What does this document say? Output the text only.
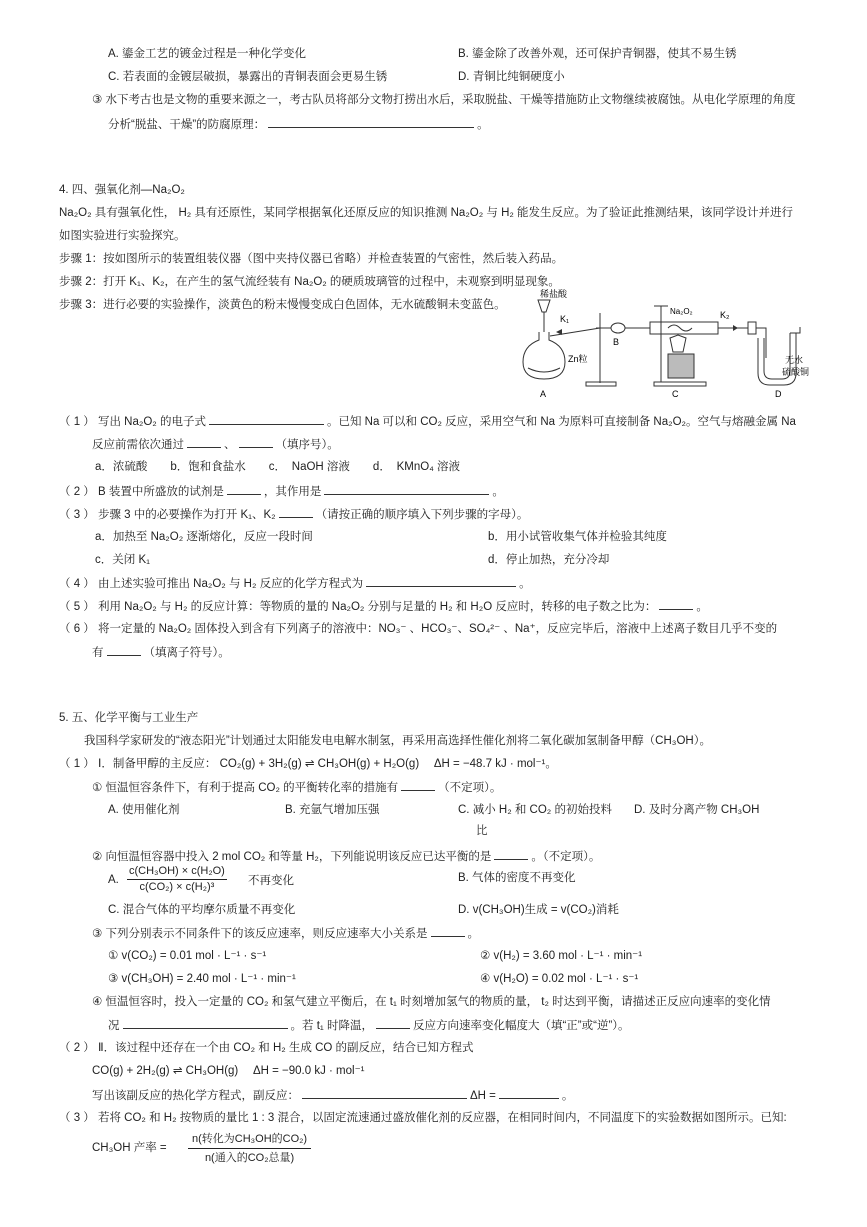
A. 鎏金工艺的镀金过程是一种化学变化	B. 鎏金除了改善外观，还可保护青铜器，使其不易生锈
C. 若表面的金镀层破损，暴露出的青铜表面会更易生锈	D. 青铜比纯铜硬度小
③ 水下考古也是文物的重要来源之一，考古队员将部分文物打捞出水后，采取脱盐、干燥等措施防止文物继续被腐蚀。从电化学原理的角度
分析“脱盐、干燥”的防腐原理：	。
4. 四、强氧化剂—Na₂O₂
Na₂O₂ 具有强氧化性， H₂ 具有还原性，某同学根据氧化还原反应的知识推测 Na₂O₂ 与 H₂ 能发生反应。为了验证此推测结果，该同学设计并进行
如图实验进行实验探究。
步骤 1：按如图所示的装置组装仪器（图中夹持仪器已省略）并检查装置的气密性，然后装入药品。
步骤 2：打开 K₁、K₂，在产生的氢气流经装有 Na₂O₂ 的硬质玻璃管的过程中，未观察到明显现象。
步骤 3：进行必要的实验操作，淡黄色的粉末慢慢变成白色固体，无水硫酸铜未变蓝色。
稀盐酸
K₁	K₂
Zn粒
Na₂O₂
无水
硫酸铜
A
B
C	D
（ 1 ） 写出 Na₂O₂ 的电子式	。已知 Na 可以和 CO₂ 反应，采用空气和 Na 为原料可直接制备 Na₂O₂。空气与熔融金属 Na
反应前需依次通过	、	（填序号）。
a．浓硫酸　　b．饱和食盐水　　c．　NaOH 溶液　　d．　KMnO₄ 溶液
（ 2 ） B 装置中所盛放的试剂是	，其作用是	。
（ 3 ） 步骤 3 中的必要操作为打开 K₁、K₂	（请按正确的顺序填入下列步骤的字母）。
a．加热至 Na₂O₂ 逐渐熔化，反应一段时间	b．用小试管收集气体并检验其纯度
c．关闭 K₁	d．停止加热，充分冷却
（ 4 ） 由上述实验可推出 Na₂O₂ 与 H₂ 反应的化学方程式为	。
（ 5 ） 利用 Na₂O₂ 与 H₂ 的反应计算：等物质的量的 Na₂O₂ 分别与足量的 H₂ 和 H₂O 反应时，转移的电子数之比为：	。
（ 6 ） 将一定量的 Na₂O₂ 固体投入到含有下列离子的溶液中：NO₃⁻ 、HCO₃⁻、SO₄²⁻ 、Na⁺，反应完毕后，溶液中上述离子数目几乎不变的
有	（填离子符号）。
5. 五、化学平衡与工业生产
我国科学家研发的“液态阳光”计划通过太阳能发电电解水制氢，再采用高选择性催化剂将二氧化碳加氢制备甲醇（CH₃OH）。
（ 1 ） Ⅰ．制备甲醇的主反应： CO₂(g) + 3H₂(g) ⇌ CH₃OH(g) + H₂O(g)　 ΔH = −48.7 kJ · mol⁻¹。
① 恒温恒容条件下，有利于提高 CO₂ 的平衡转化率的措施有	（不定项）。
A. 使用催化剂	B. 充氩气增加压强	C. 减小 H₂ 和 CO₂ 的初始投料
比
D. 及时分离产物 CH₃OH
② 向恒温恒容器中投入 2 mol CO₂ 和等量 H₂，下列能说明该反应已达平衡的是	。（不定项）。
A.
c(CH₃OH) × c(H₂O)
c(CO₂) × c(H₂)³	不再变化	B. 气体的密度不再变化
C. 混合气体的平均摩尔质量不再变化	D. v(CH₃OH)生成 = v(CO₂)消耗
③ 下列分别表示不同条件下的该反应速率，则反应速率大小关系是	。
① v(CO₂) = 0.01 mol · L⁻¹ · s⁻¹	② v(H₂) = 3.60 mol · L⁻¹ · min⁻¹
③ v(CH₃OH) = 2.40 mol · L⁻¹ · min⁻¹	④ v(H₂O) = 0.02 mol · L⁻¹ · s⁻¹
④ 恒温恒容时，投入一定量的 CO₂ 和氢气建立平衡后，在 t₁ 时刻增加氢气的物质的量， t₂ 时达到平衡，请描述正反应向速率的变化情
况	。若 t₁ 时降温，	反应方向速率变化幅度大（填“正”或“逆”）。
（ 2 ） Ⅱ．该过程中还存在一个由 CO₂ 和 H₂ 生成 CO 的副反应，结合已知方程式
CO(g) + 2H₂(g) ⇌ CH₃OH(g)　 ΔH = −90.0 kJ · mol⁻¹
写出该副反应的热化学方程式，副反应：	ΔH =	。
（ 3 ） 若将 CO₂ 和 H₂ 按物质的量比 1 : 3 混合，以固定流速通过盛放催化剂的反应器，在相同时间内，不同温度下的实验数据如图所示。已知:
CH₃OH 产率 =
n(转化为CH₃OH的CO₂)
n(通入的CO₂总量)
